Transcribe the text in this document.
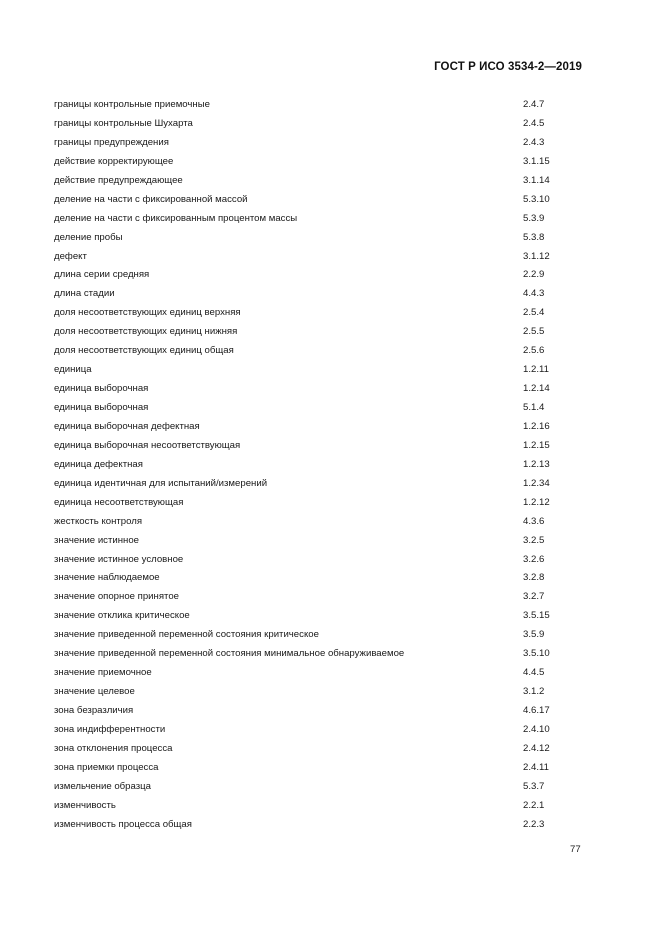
ГОСТ Р ИСО 3534-2—2019
границы контрольные приемочные	2.4.7
границы контрольные Шухарта	2.4.5
границы предупреждения	2.4.3
действие корректирующее	3.1.15
действие предупреждающее	3.1.14
деление на части с фиксированной массой	5.3.10
деление на части с фиксированным процентом массы	5.3.9
деление пробы	5.3.8
дефект	3.1.12
длина серии средняя	2.2.9
длина стадии	4.4.3
доля несоответствующих единиц верхняя	2.5.4
доля несоответствующих единиц нижняя	2.5.5
доля несоответствующих единиц общая	2.5.6
единица	1.2.11
единица выборочная	1.2.14
единица выборочная	5.1.4
единица выборочная дефектная	1.2.16
единица выборочная несоответствующая	1.2.15
единица дефектная	1.2.13
единица идентичная для испытаний/измерений	1.2.34
единица несоответствующая	1.2.12
жесткость контроля	4.3.6
значение истинное	3.2.5
значение истинное условное	3.2.6
значение наблюдаемое	3.2.8
значение опорное принятое	3.2.7
значение отклика критическое	3.5.15
значение приведенной переменной состояния критическое	3.5.9
значение приведенной переменной состояния минимальное обнаруживаемое	3.5.10
значение приемочное	4.4.5
значение целевое	3.1.2
зона безразличия	4.6.17
зона индифферентности	2.4.10
зона отклонения процесса	2.4.12
зона приемки процесса	2.4.11
измельчение образца	5.3.7
изменчивость	2.2.1
изменчивость процесса общая	2.2.3
77
